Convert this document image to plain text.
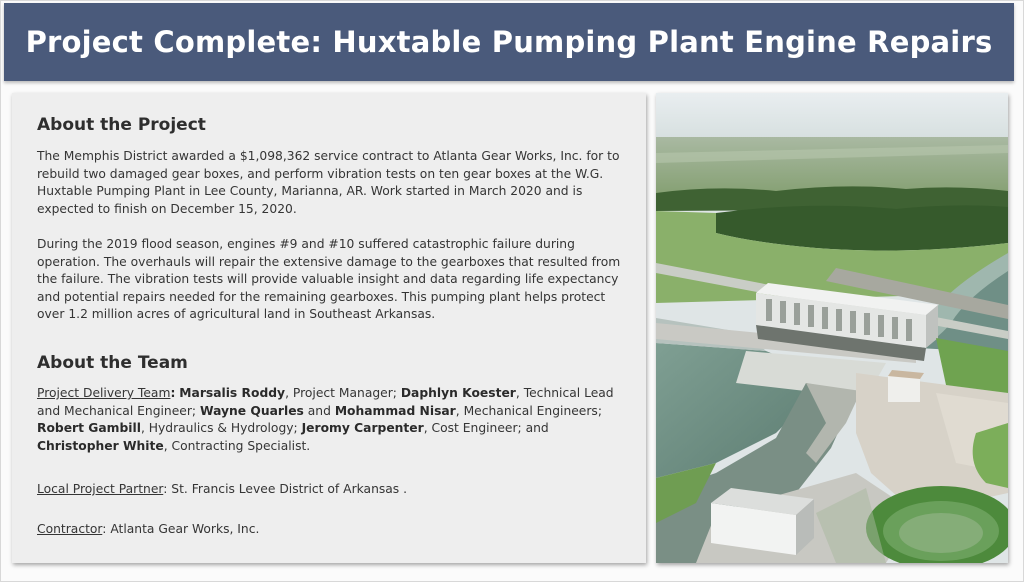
Project Complete: Huxtable Pumping Plant Engine Repairs
About the Project

The Memphis District awarded a $1,098,362 service contract to Atlanta Gear Works, Inc. for to rebuild two damaged gear boxes, and perform vibration tests on ten gear boxes at the W.G. Huxtable Pumping Plant in Lee County, Marianna, AR. Work started in March 2020 and is expected to finish on December 15, 2020.

During the 2019 flood season, engines #9 and #10 suffered catastrophic failure during operation. The overhauls will repair the extensive damage to the gearboxes that resulted from the failure. The vibration tests will provide valuable insight and data regarding life expectancy and potential repairs needed for the remaining gearboxes. This pumping plant helps protect over 1.2 million acres of agricultural land in Southeast Arkansas.

About the Team

Project Delivery Team: Marsalis Roddy, Project Manager; Daphlyn Koester, Technical Lead and Mechanical Engineer; Wayne Quarles and Mohammad Nisar, Mechanical Engineers; Robert Gambill, Hydraulics & Hydrology; Jeromy Carpenter, Cost Engineer; and Christopher White, Contracting Specialist.

Local Project Partner: St. Francis Levee District of Arkansas .

Contractor: Atlanta Gear Works, Inc.
